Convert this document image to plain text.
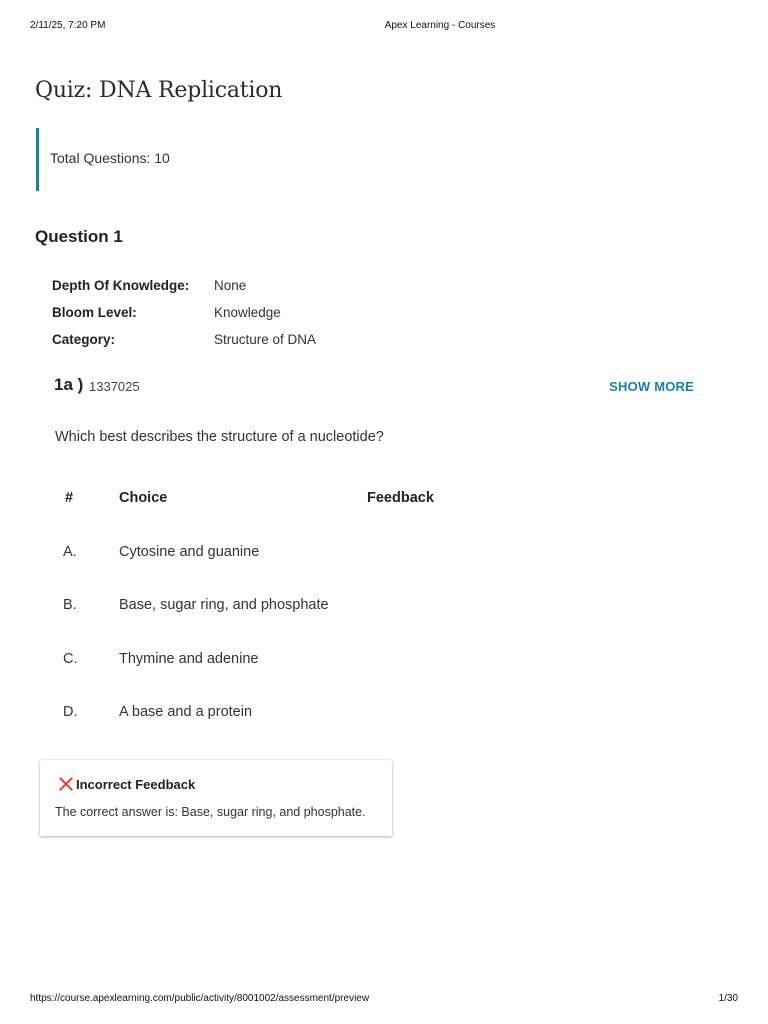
2/11/25, 7:20 PM	Apex Learning - Courses
Quiz: DNA Replication
Total Questions: 10
Question 1
Depth Of Knowledge: None
Bloom Level:	Knowledge
Category:	Structure of DNA
1a ) 1337025	SHOW MORE
Which best describes the structure of a nucleotide?
#	Choice	Feedback
A.	Cytosine and guanine
B.	Base, sugar ring, and phosphate
C.	Thymine and adenine
D.	A base and a protein
Incorrect Feedback
The correct answer is: Base, sugar ring, and phosphate.
https://course.apexlearning.com/public/activity/8001002/assessment/preview	1/30
